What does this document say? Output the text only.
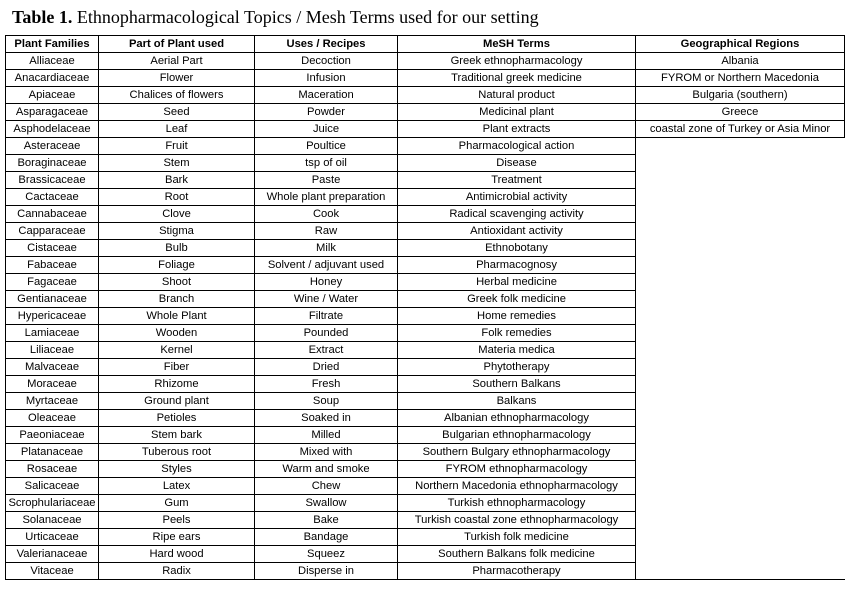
Table 1. Ethnopharmacological Topics / Mesh Terms used for our setting
Plant Families	Part of Plant used	Uses / Recipes	MeSH Terms	Geographical Regions
Alliaceae	Aerial Part	Decoction	Greek ethnopharmacology	Albania
Anacardiaceae	Flower	Infusion	Traditional greek medicine	FYROM or Northern Macedonia
Apiaceae	Chalices of flowers	Maceration	Natural product	Bulgaria (southern)
Asparagaceae	Seed	Powder	Medicinal plant	Greece
Asphodelaceae	Leaf	Juice	Plant extracts	coastal zone of Turkey or Asia Minor
Asteraceae	Fruit	Poultice	Pharmacological action	
Boraginaceae	Stem	tsp of oil	Disease	
Brassicaceae	Bark	Paste	Treatment	
Cactaceae	Root	Whole plant preparation	Antimicrobial activity	
Cannabaceae	Clove	Cook	Radical scavenging activity	
Capparaceae	Stigma	Raw	Antioxidant activity	
Cistaceae	Bulb	Milk	Ethnobotany	
Fabaceae	Foliage	Solvent / adjuvant used	Pharmacognosy	
Fagaceae	Shoot	Honey	Herbal medicine	
Gentianaceae	Branch	Wine / Water	Greek folk medicine	
Hypericaceae	Whole Plant	Filtrate	Home remedies	
Lamiaceae	Wooden	Pounded	Folk remedies	
Liliaceae	Kernel	Extract	Materia medica	
Malvaceae	Fiber	Dried	Phytotherapy	
Moraceae	Rhizome	Fresh	Southern Balkans	
Myrtaceae	Ground plant	Soup	Balkans	
Oleaceae	Petioles	Soaked in	Albanian ethnopharmacology	
Paeoniaceae	Stem bark	Milled	Bulgarian ethnopharmacology	
Platanaceae	Tuberous root	Mixed with	Southern Bulgary ethnopharmacology	
Rosaceae	Styles	Warm and smoke	FYROM ethnopharmacology	
Salicaceae	Latex	Chew	Northern Macedonia ethnopharmacology	
Scrophulariaceae	Gum	Swallow	Turkish ethnopharmacology	
Solanaceae	Peels	Bake	Turkish coastal zone ethnopharmacology	
Urticaceae	Ripe ears	Bandage	Turkish folk medicine	
Valerianaceae	Hard wood	Squeez	Southern Balkans folk medicine	
Vitaceae	Radix	Disperse in	Pharmacotherapy	
